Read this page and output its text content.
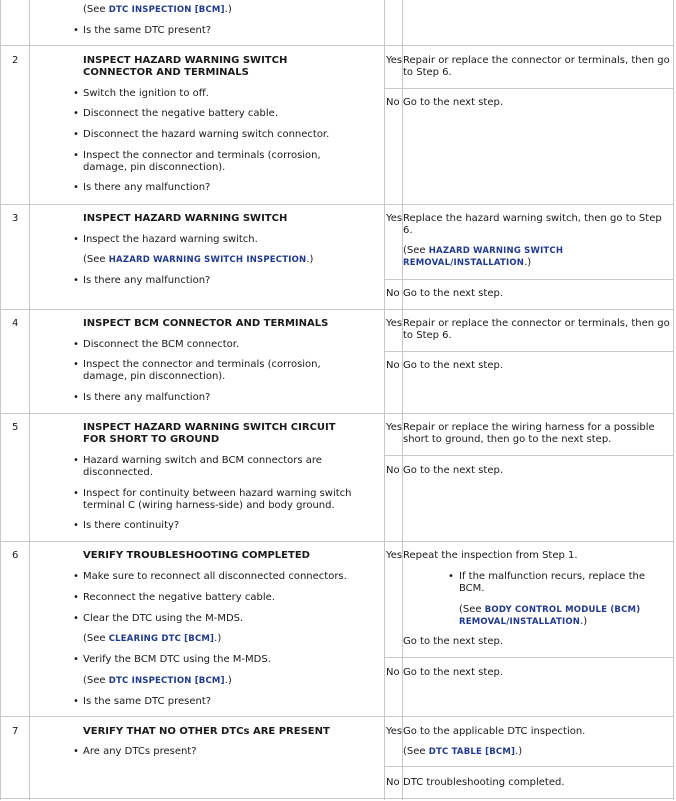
(See DTC INSPECTION [BCM].)
• Is the same DTC present?
2	INSPECT HAZARD WARNING SWITCH
CONNECTOR AND TERMINALS
• Switch the ignition to off.
• Disconnect the negative battery cable.
• Disconnect the hazard warning switch connector.
• Inspect the connector and terminals (corrosion,
damage, pin disconnection).
• Is there any malfunction?
Yes Repair or replace the connector or terminals, then go
to Step 6.
No Go to the next step.
3	INSPECT HAZARD WARNING SWITCH
• Inspect the hazard warning switch.
(See HAZARD WARNING SWITCH INSPECTION.)
• Is there any malfunction?
Yes Replace the hazard warning switch, then go to Step
6.
(See HAZARD WARNING SWITCH
REMOVAL/INSTALLATION.)
No Go to the next step.
4	INSPECT BCM CONNECTOR AND TERMINALS
• Disconnect the BCM connector.
• Inspect the connector and terminals (corrosion,
damage, pin disconnection).
• Is there any malfunction?
Yes Repair or replace the connector or terminals, then go
to Step 6.
No Go to the next step.
5	INSPECT HAZARD WARNING SWITCH CIRCUIT
FOR SHORT TO GROUND
• Hazard warning switch and BCM connectors are
disconnected.
• Inspect for continuity between hazard warning switch
terminal C (wiring harness-side) and body ground.
• Is there continuity?
Yes Repair or replace the wiring harness for a possible
short to ground, then go to the next step.
No Go to the next step.
6	VERIFY TROUBLESHOOTING COMPLETED
• Make sure to reconnect all disconnected connectors.
• Reconnect the negative battery cable.
• Clear the DTC using the M-MDS.
(See CLEARING DTC [BCM].)
• Verify the BCM DTC using the M-MDS.
(See DTC INSPECTION [BCM].)
• Is the same DTC present?
Yes Repeat the inspection from Step 1.
• If the malfunction recurs, replace the
BCM.
(See BODY CONTROL MODULE (BCM)
REMOVAL/INSTALLATION.)
Go to the next step.
No Go to the next step.
7	VERIFY THAT NO OTHER DTCs ARE PRESENT
• Are any DTCs present?
Yes Go to the applicable DTC inspection.
(See DTC TABLE [BCM].)
No DTC troubleshooting completed.
